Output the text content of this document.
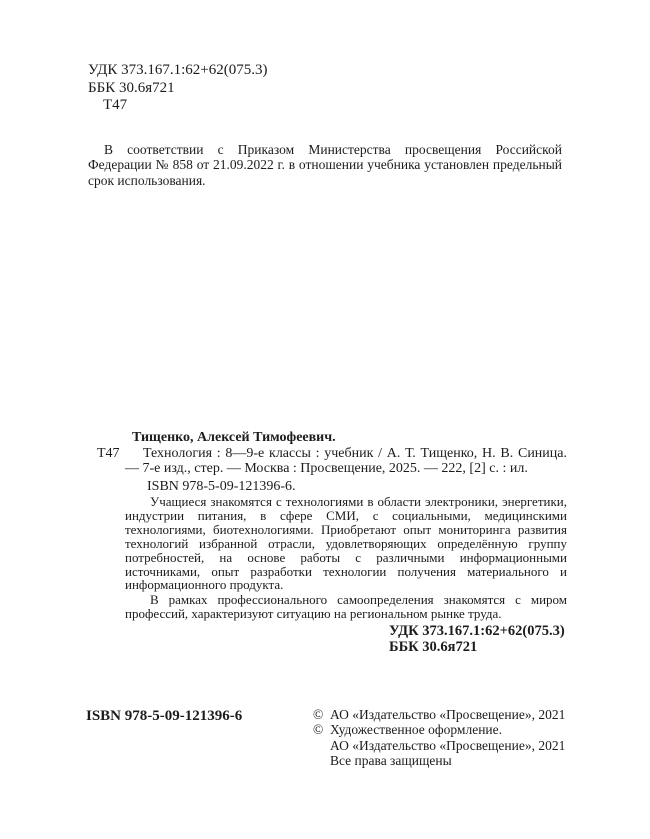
УДК 373.167.1:62+62(075.3)
ББК 30.6я721
Т47

В соответствии с Приказом Министерства просвещения Российской Федерации № 858 от 21.09.2022 г. в отношении учебника установлен предельный срок использования.

Т47
Тищенко, Алексей Тимофеевич.

Технология : 8—9-е классы : учебник / А. Т. Тищенко, Н. В. Синица. — 7-е изд., стер. — Москва : Просвещение, 2025. — 222, [2] с. : ил.

ISBN 978-5-09-121396-6.

Учащиеся знакомятся с технологиями в области электроники, энергетики, индустрии питания, в сфере СМИ, с социальными, медицинскими технологиями, биотехнологиями. Приобретают опыт мониторинга развития технологий избранной отрасли, удовлетворяющих определённую группу потребностей, на основе работы с различными информационными источниками, опыт разработки технологии получения материального и информационного продукта.

В рамках профессионального самоопределения знакомятся с миром профессий, характеризуют ситуацию на региональном рынке труда.

УДК 373.167.1:62+62(075.3)
ББК 30.6я721
ISBN 978-5-09-121396-6	© АО «Издательство «Просвещение», 2021
© Художественное оформление.
АО «Издательство «Просвещение», 2021
Все права защищены
